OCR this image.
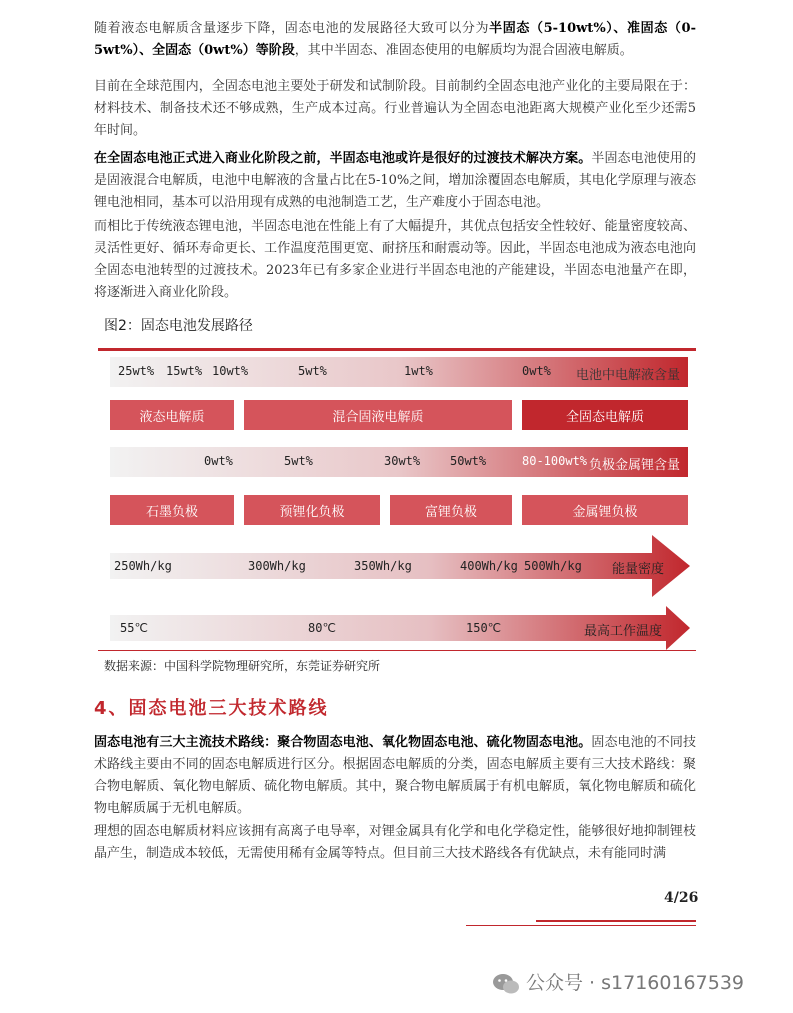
随着液态电解质含量逐步下降，固态电池的发展路径大致可以分为半固态（5-10wt%）、准固态（0-5wt%）、全固态（0wt%）等阶段，其中半固态、准固态使用的电解质均为混合固液电解质。
目前在全球范围内，全固态电池主要处于研发和试制阶段。目前制约全固态电池产业化的主要局限在于：材料技术、制备技术还不够成熟，生产成本过高。行业普遍认为全固态电池距离大规模产业化至少还需5年时间。
在全固态电池正式进入商业化阶段之前，半固态电池或许是很好的过渡技术解决方案。半固态电池使用的是固液混合电解质，电池中电解液的含量占比在5-10%之间，增加涂覆固态电解质，其电化学原理与液态锂电池相同，基本可以沿用现有成熟的电池制造工艺，生产难度小于固态电池。
而相比于传统液态锂电池，半固态电池在性能上有了大幅提升，其优点包括安全性较好、能量密度较高、灵活性更好、循环寿命更长、工作温度范围更宽、耐挤压和耐震动等。因此，半固态电池成为液态电池向全固态电池转型的过渡技术。2023年已有多家企业进行半固态电池的产能建设，半固态电池量产在即，将逐渐进入商业化阶段。
图2：固态电池发展路径
25wt% 15wt% 10wt%	5wt%	1wt%	0wt% 电池中电解液含量
液态电解质	混合固液电解质	全固态电解质
0wt%	5wt%	30wt% 50wt%	80-100wt% 负极金属锂含量
石墨负极	预锂化负极	富锂负极	金属锂负极
250Wh/kg	300Wh/kg	350Wh/kg	400Wh/kg 500Wh/kg 能量密度
55℃	80℃	150℃	最高工作温度
数据来源：中国科学院物理研究所，东莞证券研究所
4、固态电池三大技术路线
固态电池有三大主流技术路线：聚合物固态电池、氧化物固态电池、硫化物固态电池。固态电池的不同技术路线主要由不同的固态电解质进行区分。根据固态电解质的分类，固态电解质主要有三大技术路线：聚合物电解质、氧化物电解质、硫化物电解质。其中，聚合物电解质属于有机电解质，氧化物电解质和硫化物电解质属于无机电解质。
理想的固态电解质材料应该拥有高离子电导率，对锂金属具有化学和电化学稳定性，能够很好地抑制锂枝晶产生，制造成本较低，无需使用稀有金属等特点。但目前三大技术路线各有优缺点，未有能同时满
4/26
公众号 · s17160167539
